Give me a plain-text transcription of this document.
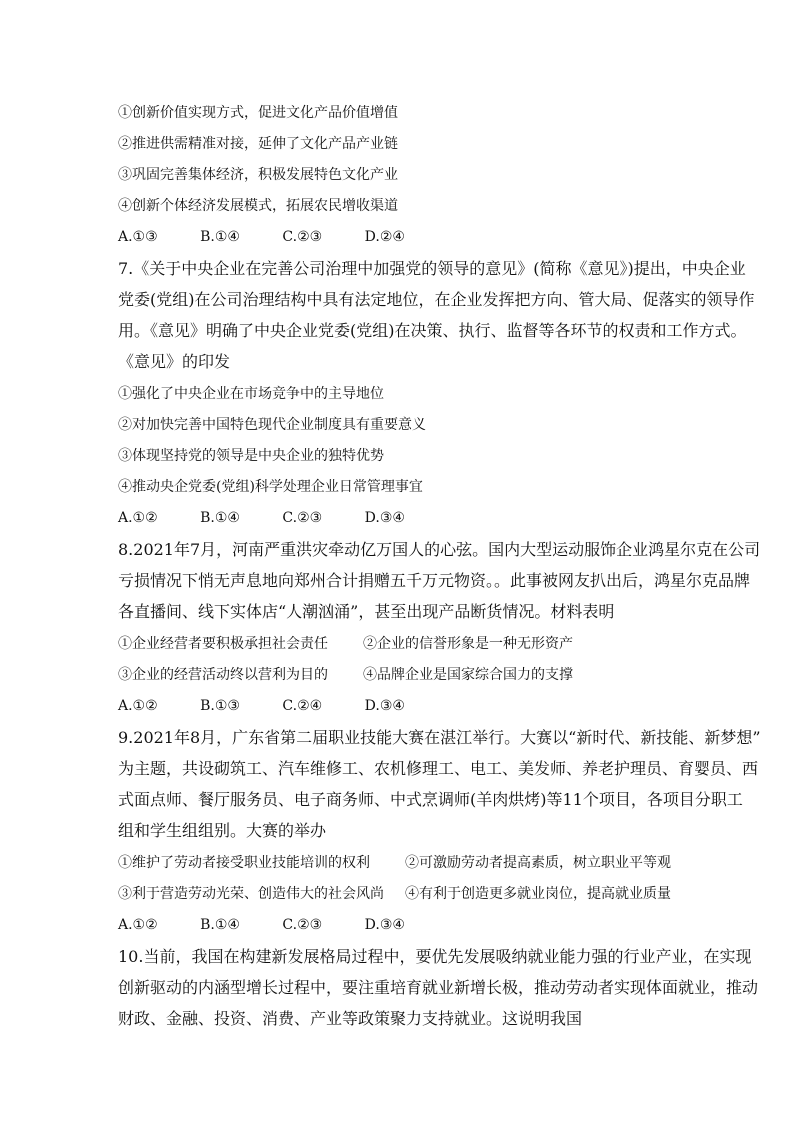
①创新价值实现方式，促进文化产品价值增值
②推进供需精准对接，延伸了文化产品产业链
③巩固完善集体经济，积极发展特色文化产业
④创新个体经济发展模式，拓展农民增收渠道
A.①③	B.①④	C.②③	D.②④
7.《关于中央企业在完善公司治理中加强党的领导的意见》(简称《意见》)提出，中央企业
党委(党组)在公司治理结构中具有法定地位，在企业发挥把方向、管大局、促落实的领导作
用。《意见》明确了中央企业党委(党组)在决策、执行、监督等各环节的权责和工作方式。
《意见》的印发
①强化了中央企业在市场竞争中的主导地位
②对加快完善中国特色现代企业制度具有重要意义
③体现坚持党的领导是中央企业的独特优势
④推动央企党委(党组)科学处理企业日常管理事宜
A.①②	B.①④	C.②③	D.③④
8.2021年7月，河南严重洪灾牵动亿万国人的心弦。国内大型运动服饰企业鸿星尔克在公司
亏损情况下悄无声息地向郑州合计捐赠五千万元物资。。此事被网友扒出后，鸿星尔克品牌
各直播间、线下实体店“人潮汹涌”，甚至出现产品断货情况。材料表明
①企业经营者要积极承担社会责任	②企业的信誉形象是一种无形资产
③企业的经营活动终以营利为目的	④品牌企业是国家综合国力的支撑
A.①②	B.①③	C.②④	D.③④
9.2021年8月，广东省第二届职业技能大赛在湛江举行。大赛以“新时代、新技能、新梦想”
为主题，共设砌筑工、汽车维修工、农机修理工、电工、美发师、养老护理员、育婴员、西
式面点师、餐厅服务员、电子商务师、中式烹调师(羊肉烘烤)等11个项目，各项目分职工
组和学生组组别。大赛的举办
①维护了劳动者接受职业技能培训的权利	②可激励劳动者提高素质，树立职业平等观
③利于营造劳动光荣、创造伟大的社会风尚 ④有利于创造更多就业岗位，提高就业质量
A.①②	B.①④	C.②③	D.③④
10.当前，我国在构建新发展格局过程中，要优先发展吸纳就业能力强的行业产业，在实现
创新驱动的内涵型增长过程中，要注重培育就业新增长极，推动劳动者实现体面就业，推动
财政、金融、投资、消费、产业等政策聚力支持就业。这说明我国
